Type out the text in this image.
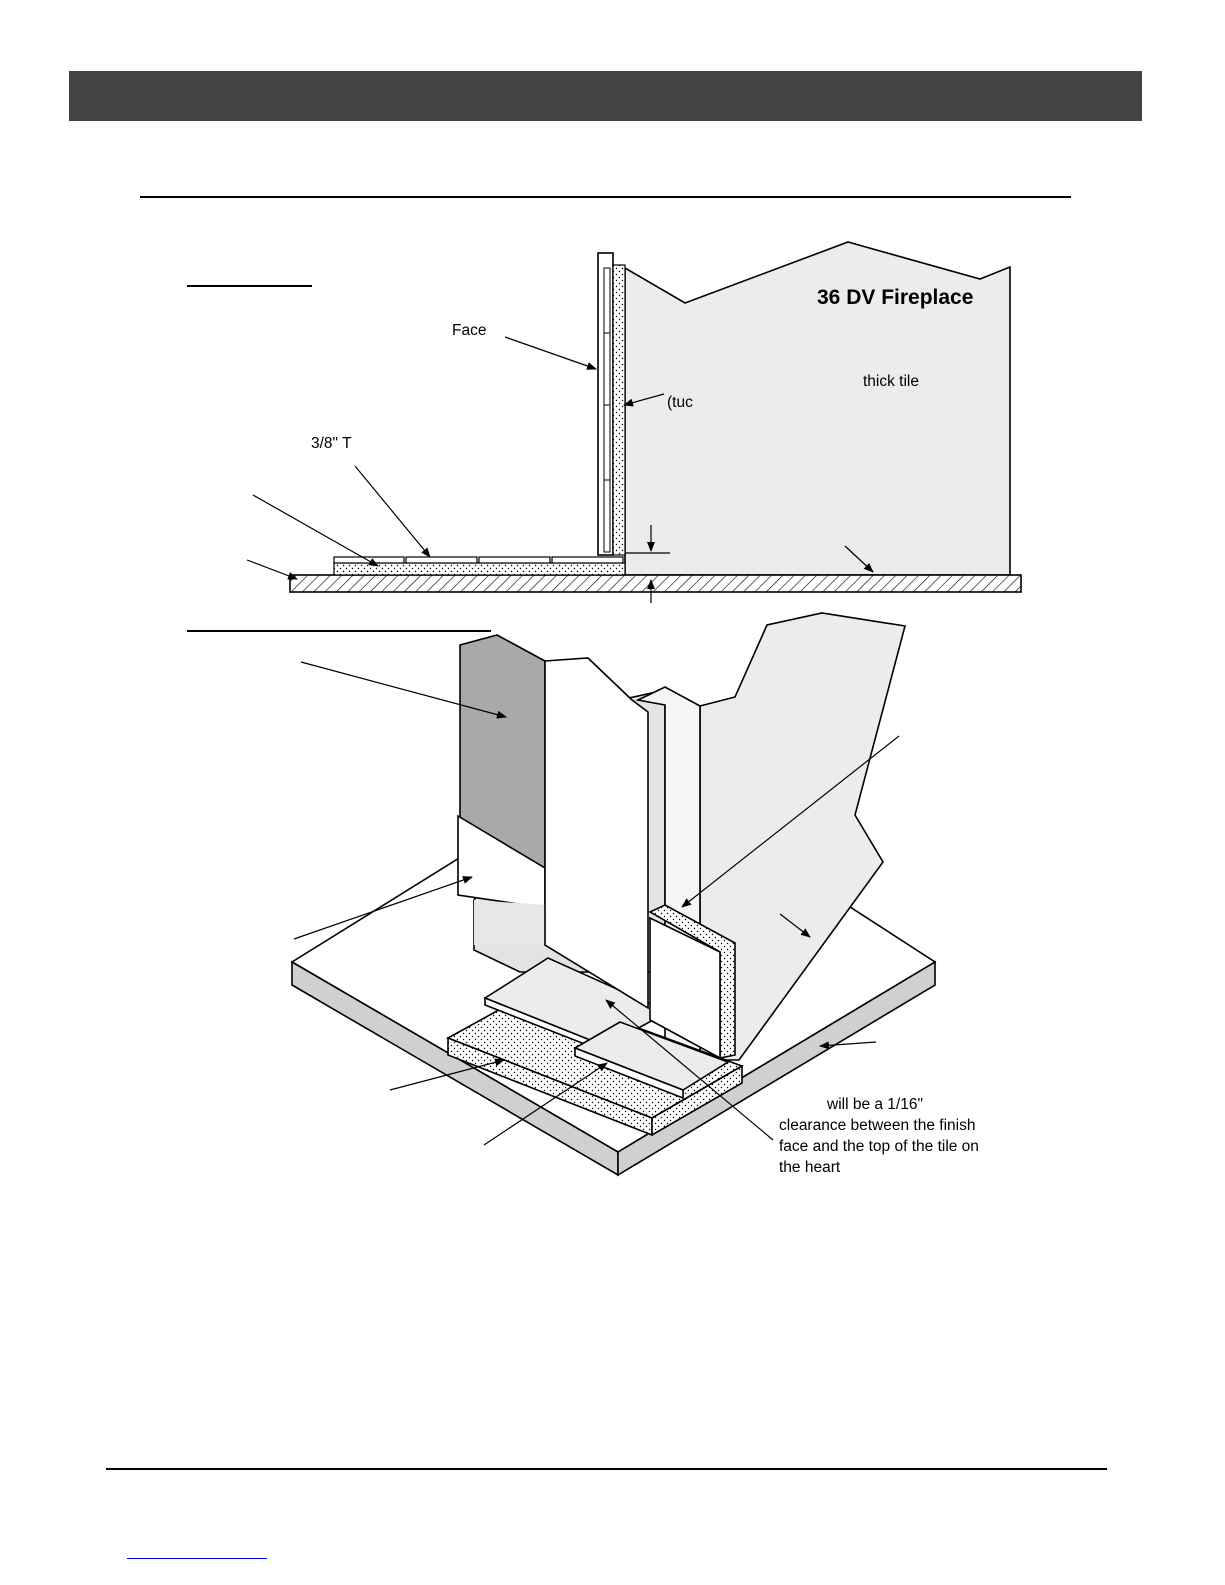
36 DV Fireplace
Face
(tuc
thick tile
3/8" T
will be a 1/16"
clearance between the finish
face and the top of the tile on
the heart
